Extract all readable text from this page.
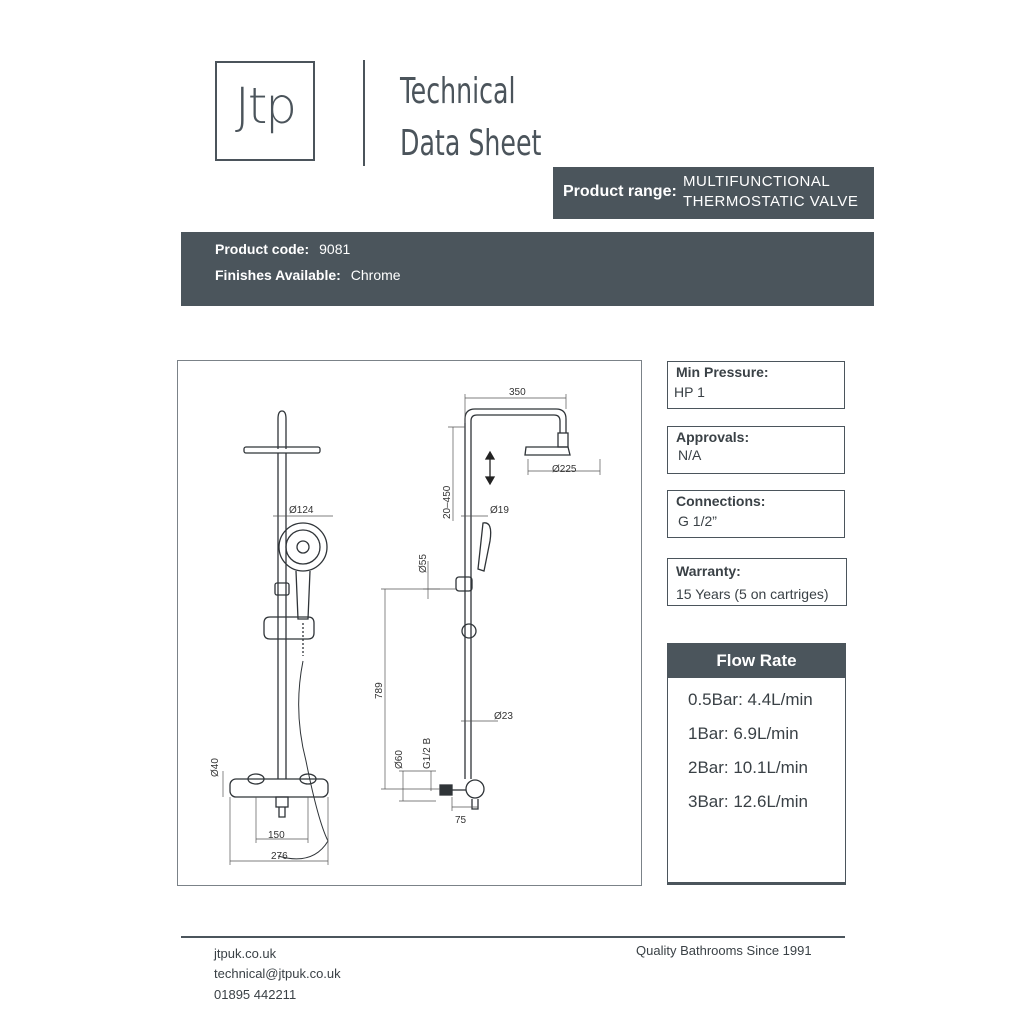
Jtp	Technical
Data Sheet
Product range:
MULTIFUNCTIONAL
THERMOSTATIC VALVE
Product code: 9081
Finishes Available: Chrome
350
Ø225
Ø124	Ø19
20–450
Ø55
789
Ø23
Ø40	Ø60 G1/2 B
75
150
276
Min Pressure:
HP 1
Approvals:
N/A
Connections:
G 1/2”
Warranty:
15 Years (5 on cartriges)
Flow Rate
0.5Bar: 4.4L/min
1Bar: 6.9L/min
2Bar: 10.1L/min
3Bar: 12.6L/min
jtpuk.co.uk
technical@jtpuk.co.uk
01895 442211
Quality Bathrooms Since 1991
